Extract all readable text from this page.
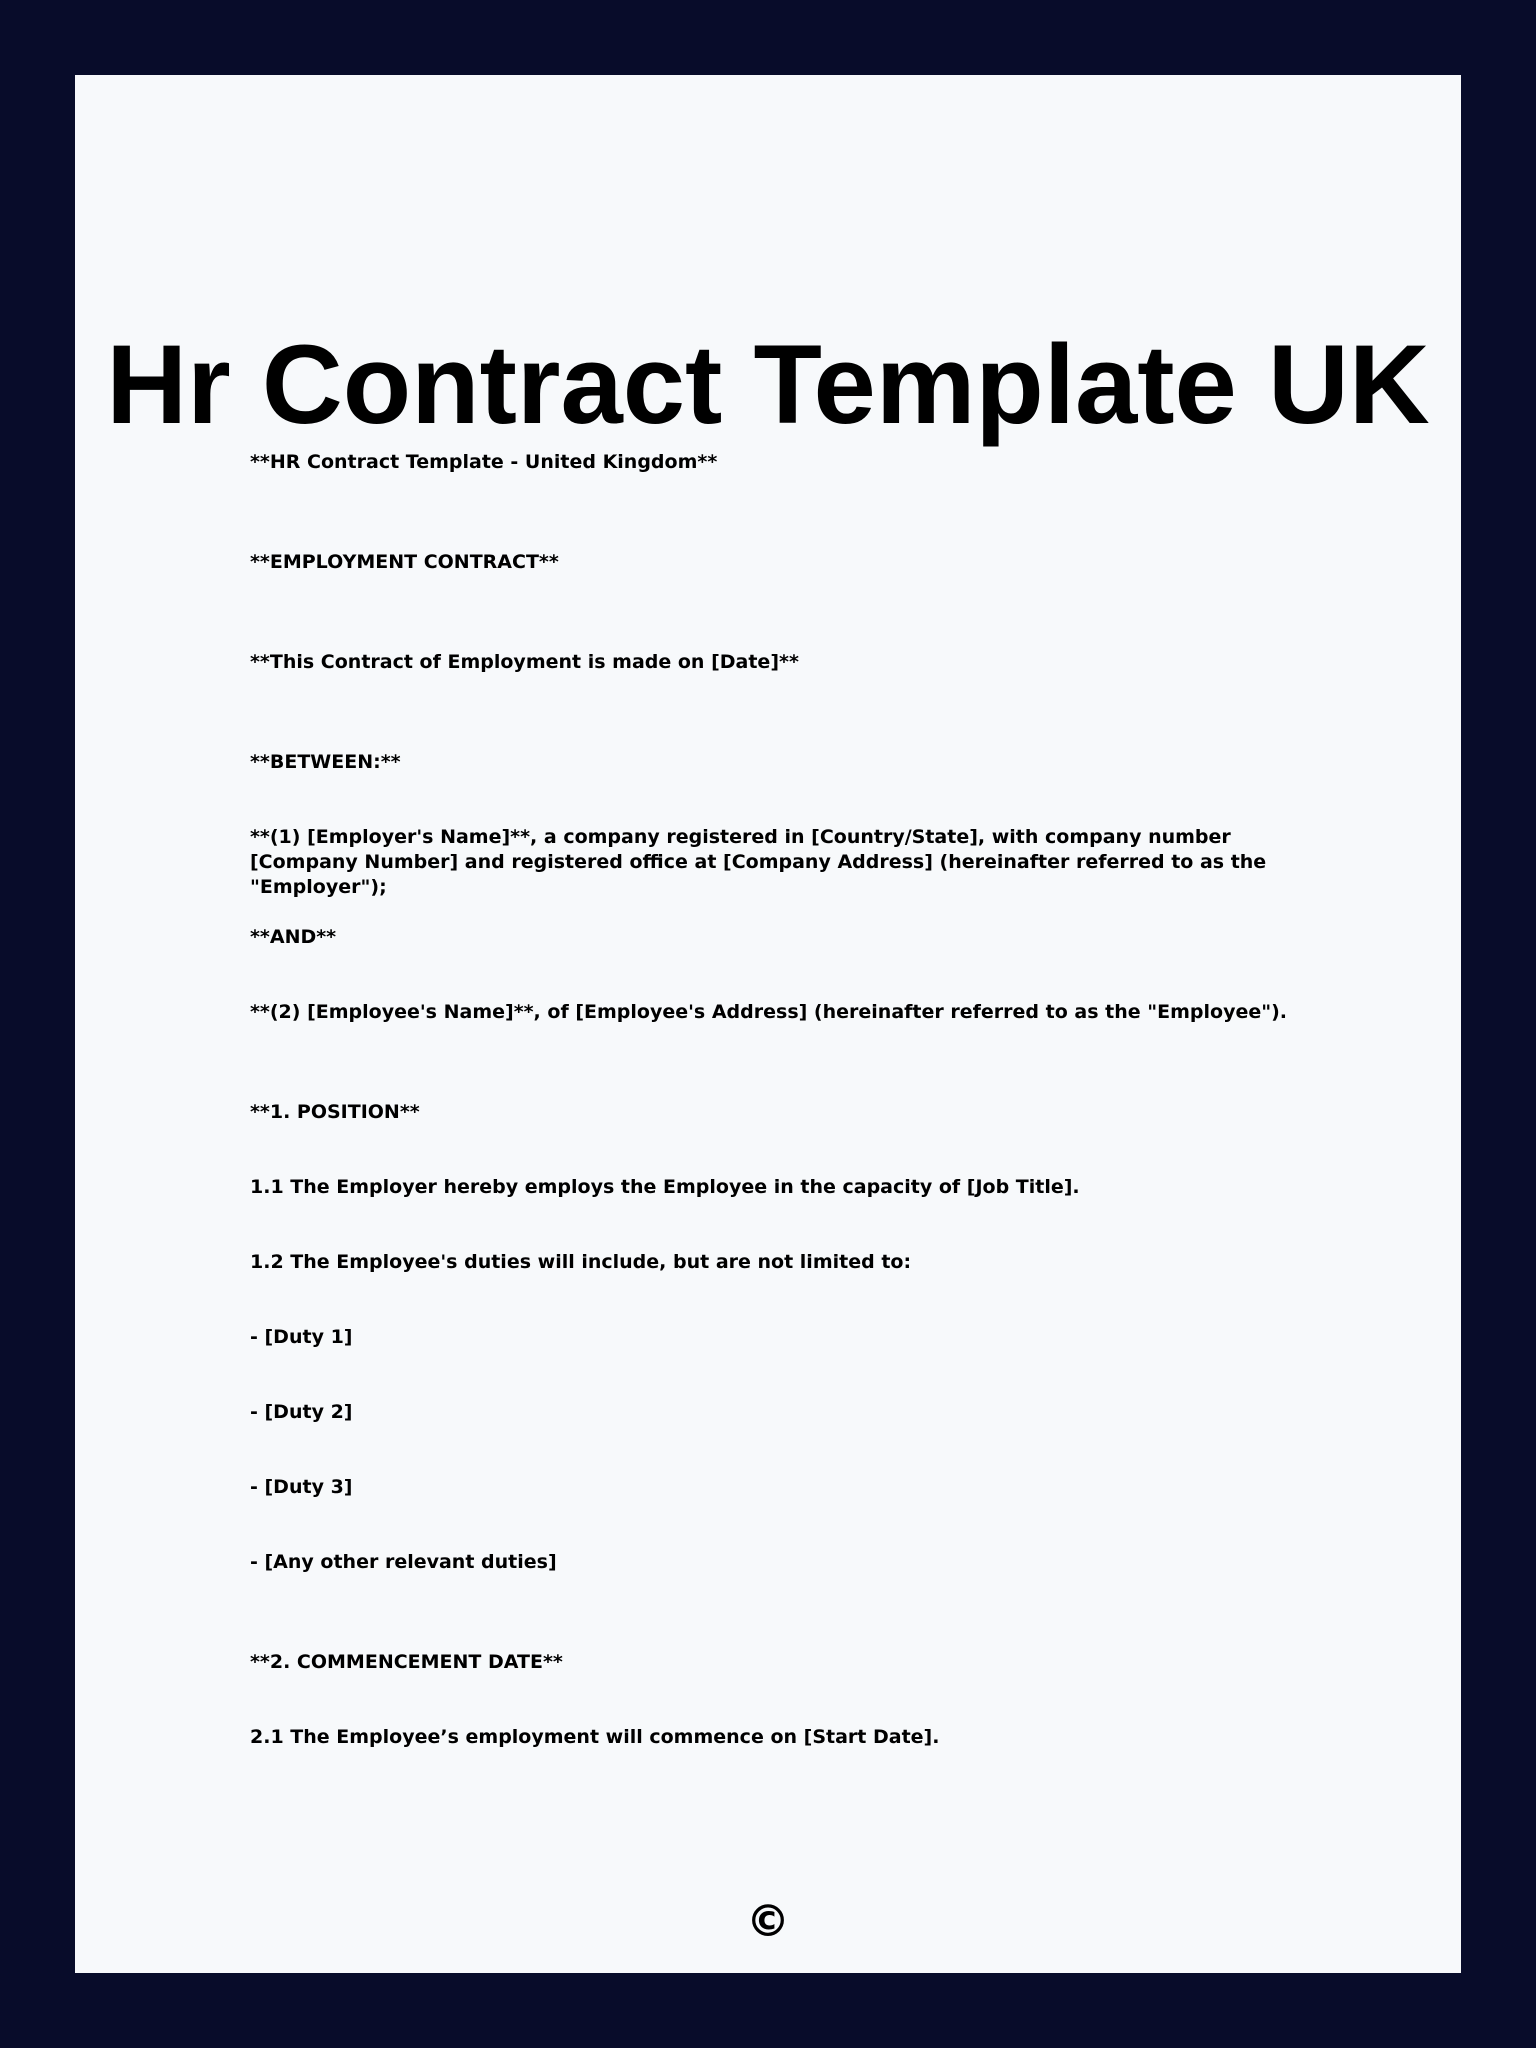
Hr Contract Template UK

**HR Contract Template - United Kingdom**

**EMPLOYMENT CONTRACT**

**This Contract of Employment is made on [Date]**

**BETWEEN:**

**(1) [Employer's Name]**, a company registered in [Country/State], with company number [Company Number] and registered office at [Company Address] (hereinafter referred to as the "Employer");

**AND**

**(2) [Employee's Name]**, of [Employee's Address] (hereinafter referred to as the "Employee").

**1. POSITION**

1.1 The Employer hereby employs the Employee in the capacity of [Job Title].

1.2 The Employee's duties will include, but are not limited to:

- [Duty 1]

- [Duty 2]

- [Duty 3]

- [Any other relevant duties]

**2. COMMENCEMENT DATE**

2.1 The Employee’s employment will commence on [Start Date].

©
